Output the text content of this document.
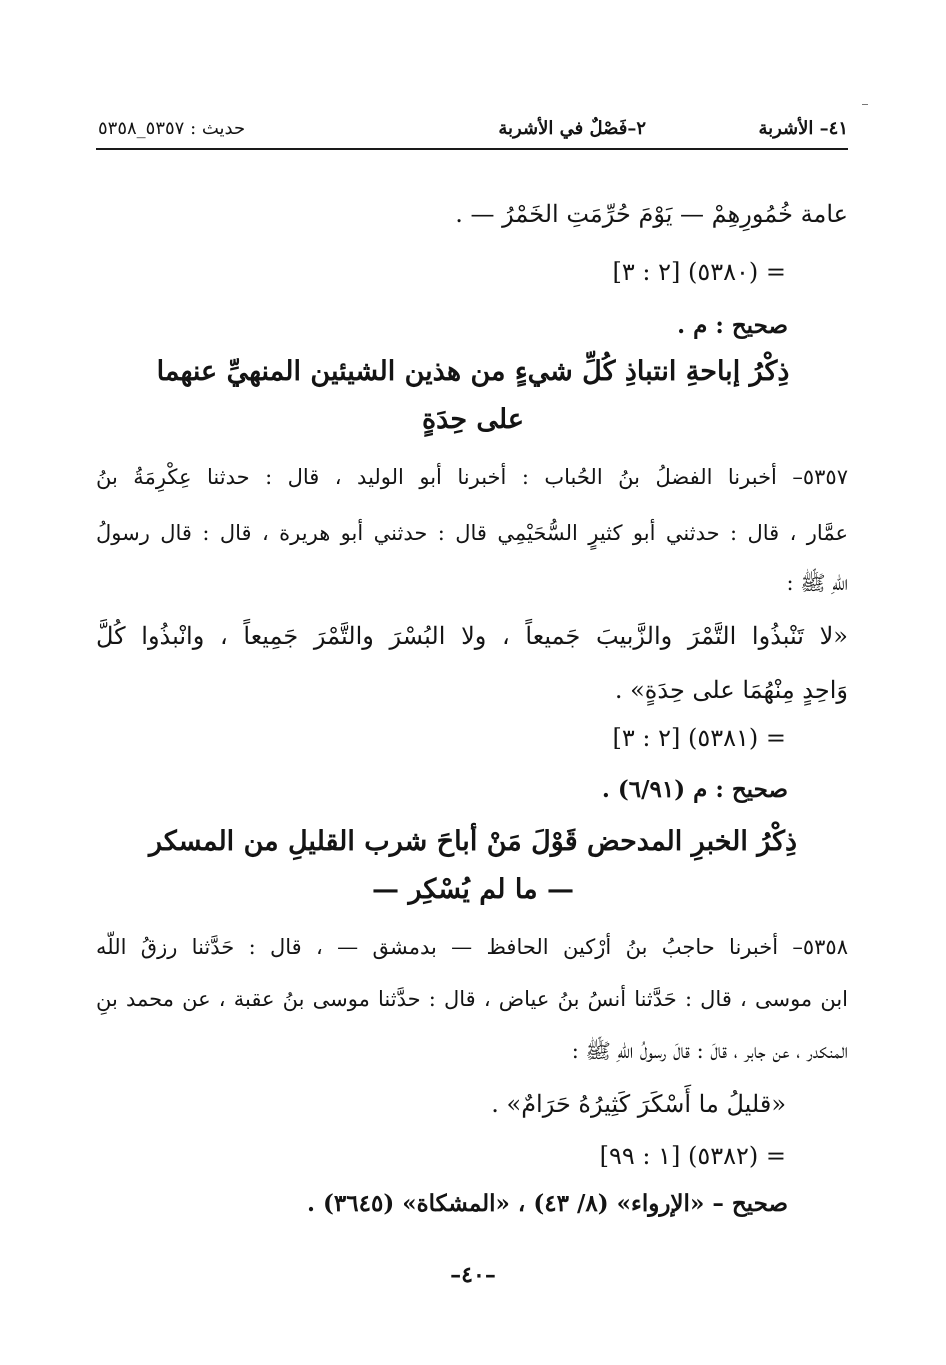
٤١– الأشربة
٢–فَصْلٌ في الأشربة
حديث : ٥٣٥٧_٥٣٥٨
عامة خُمُورِهِمْ — يَوْمَ حُرِّمَتِ الخَمْرُ — .
= (٥٣٨٠) [٢ : ٣]
صحيح : م .
ذِكْرُ إباحةِ انتباذِ كُلِّ شيءٍ من هذين الشيئين المنهيِّ عنهما
على حِدَةٍ
٥٣٥٧– أخبرنا الفضلُ بنُ الحُباب : أخبرنا أبو الوليد ، قال : حدثنا عِكْرِمَةُ بنُ
عمَّار ، قال : حدثني أبو كثيرٍ السُّحَيْمِي قال : حدثني أبو هريرة ، قال : قال رسولُ
اللهِ ﷺ :
«لا تَنْبذُوا التَّمْرَ والزَّبيبَ جَميعاً ، ولا البُسْرَ والتَّمْرَ جَمِيعاً ، وانْبذُوا كُلَّ
وَاحِدٍ مِنْهُمَا على حِدَةٍ» .
= (٥٣٨١) [٢ : ٣]
صحيح : م (٦/٩١) .
ذِكْرُ الخبرِ المدحض قَوْلَ مَنْ أباحَ شرب القليلِ من المسكر
— ما لم يُسْكِر —
٥٣٥٨– أخبرنا حاجبُ بنُ أرْكين الحافظ — بدمشق — ، قال : حَدَّثنا رزقُ اللّه
ابن موسى ، قال : حَدَّثنا أنسُ بنُ عياض ، قال : حدَّثنا موسى بنُ عقبة ، عن محمد بنِ
المنكدر ، عن جابر ، قالَ : قالَ رسولُ اللّهِ ﷺ :
«قليلُ ما أَسْكَرَ كَثِيرُهُ حَرَامٌ» .
= (٥٣٨٢) [١ : ٩٩]
صحيح – «الإرواء» (٨/ ٤٣) ، «المشكاة» (٣٦٤٥) .
–٤٠–
